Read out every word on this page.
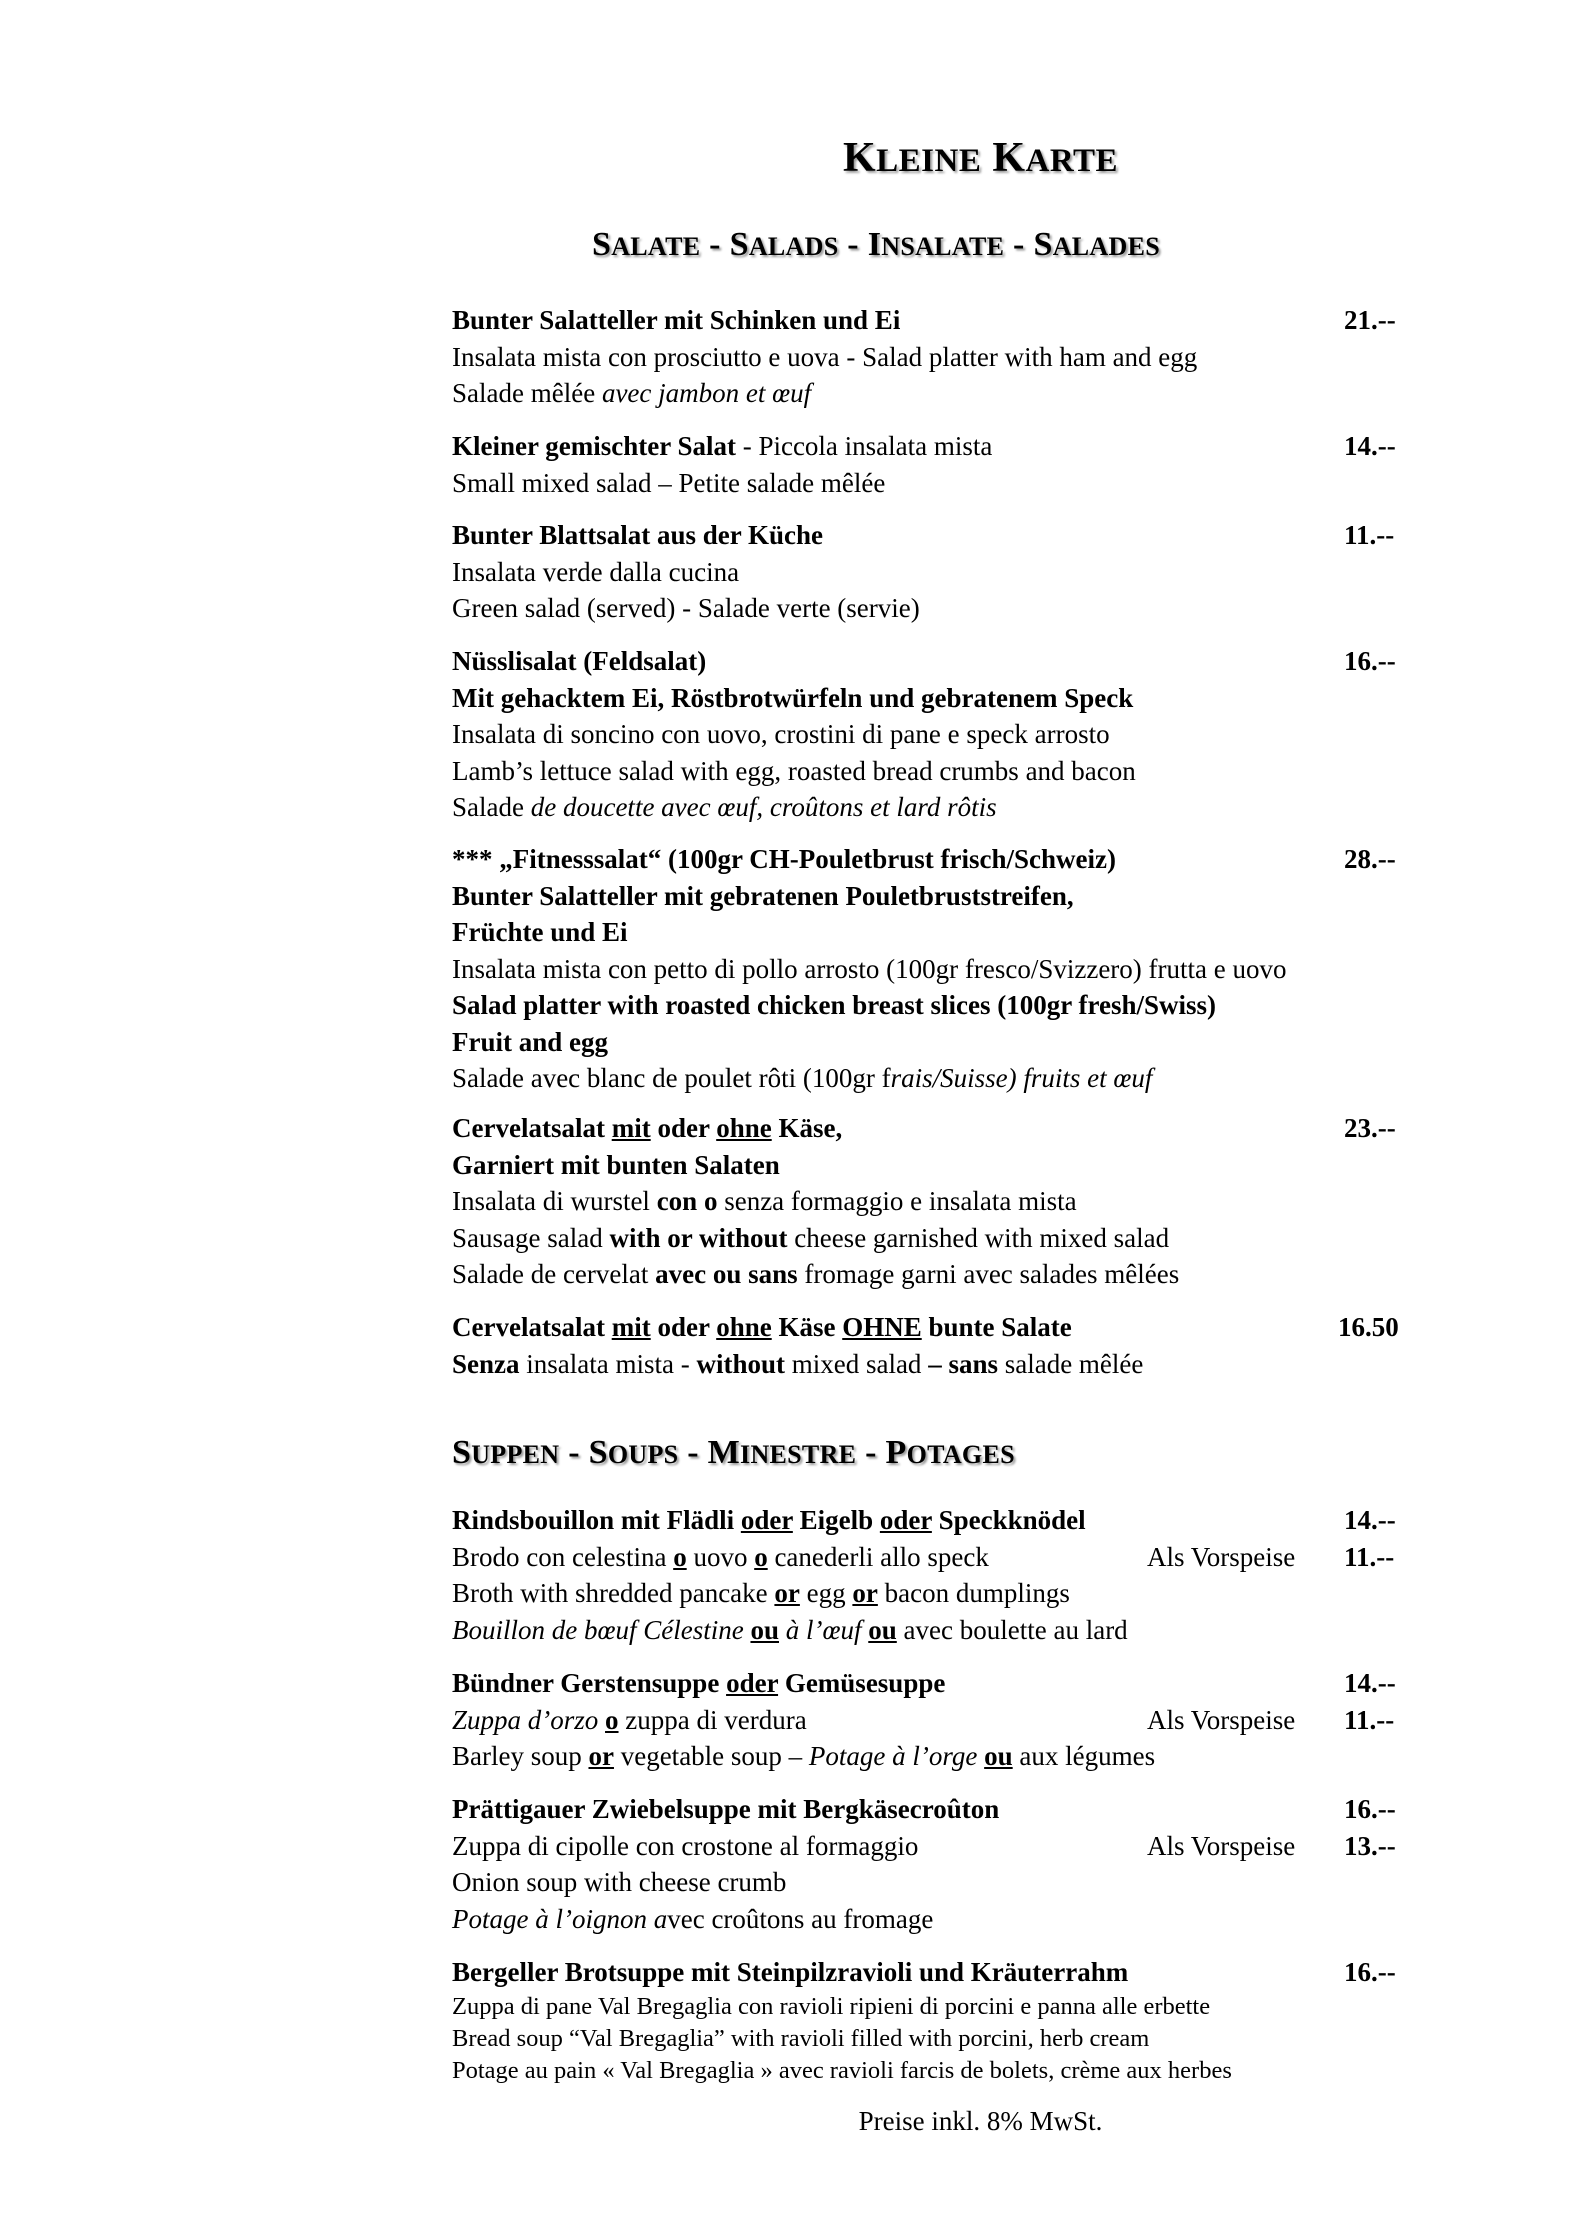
KLEINE KARTE
SALATE - SALADS - INSALATE - SALADES
Bunter Salatteller mit Schinken und Ei	21.--
Insalata mista con prosciutto e uova - Salad platter with ham and egg
Salade mêlée avec jambon et œuf
Kleiner gemischter Salat - Piccola insalata mista	14.--
Small mixed salad – Petite salade mêlée
Bunter Blattsalat aus der Küche	11.--
Insalata verde dalla cucina
Green salad (served) - Salade verte (servie)
Nüsslisalat (Feldsalat)	16.--
Mit gehacktem Ei, Röstbrotwürfeln und gebratenem Speck
Insalata di soncino con uovo, crostini di pane e speck arrosto
Lamb’s lettuce salad with egg, roasted bread crumbs and bacon
Salade de doucette avec œuf, croûtons et lard rôtis
*** „Fitnesssalat“ (100gr CH-Pouletbrust frisch/Schweiz)	28.--
Bunter Salatteller mit gebratenen Pouletbruststreifen,
Früchte und Ei
Insalata mista con petto di pollo arrosto (100gr fresco/Svizzero) frutta e uovo
Salad platter with roasted chicken breast slices (100gr fresh/Swiss)
Fruit and egg
Salade avec blanc de poulet rôti (100gr frais/Suisse) fruits et œuf
Cervelatsalat mit oder ohne Käse,	23.--
Garniert mit bunten Salaten
Insalata di wurstel con o senza formaggio e insalata mista
Sausage salad with or without cheese garnished with mixed salad
Salade de cervelat avec ou sans fromage garni avec salades mêlées
Cervelatsalat mit oder ohne Käse OHNE bunte Salate	16.50
Senza insalata mista - without mixed salad – sans salade mêlée
SUPPEN - SOUPS - MINESTRE - POTAGES
Rindsbouillon mit Flädli oder Eigelb oder Speckknödel	14.--
Brodo con celestina o uovo o canederli allo speck	Als Vorspeise 11.--
Broth with shredded pancake or egg or bacon dumplings
Bouillon de bœuf Célestine ou à l’œuf ou avec boulette au lard
Bündner Gerstensuppe oder Gemüsesuppe	14.--
Zuppa d’orzo o zuppa di verdura	Als Vorspeise 11.--
Barley soup or vegetable soup – Potage à l’orge ou aux légumes
Prättigauer Zwiebelsuppe mit Bergkäsecroûton	16.--
Zuppa di cipolle con crostone al formaggio	Als Vorspeise 13.--
Onion soup with cheese crumb
Potage à l’oignon avec croûtons au fromage
Bergeller Brotsuppe mit Steinpilzravioli und Kräuterrahm	16.--
Zuppa di pane Val Bregaglia con ravioli ripieni di porcini e panna alle erbette
Bread soup “Val Bregaglia” with ravioli filled with porcini, herb cream
Potage au pain « Val Bregaglia » avec ravioli farcis de bolets, crème aux herbes
Preise inkl. 8% MwSt.
